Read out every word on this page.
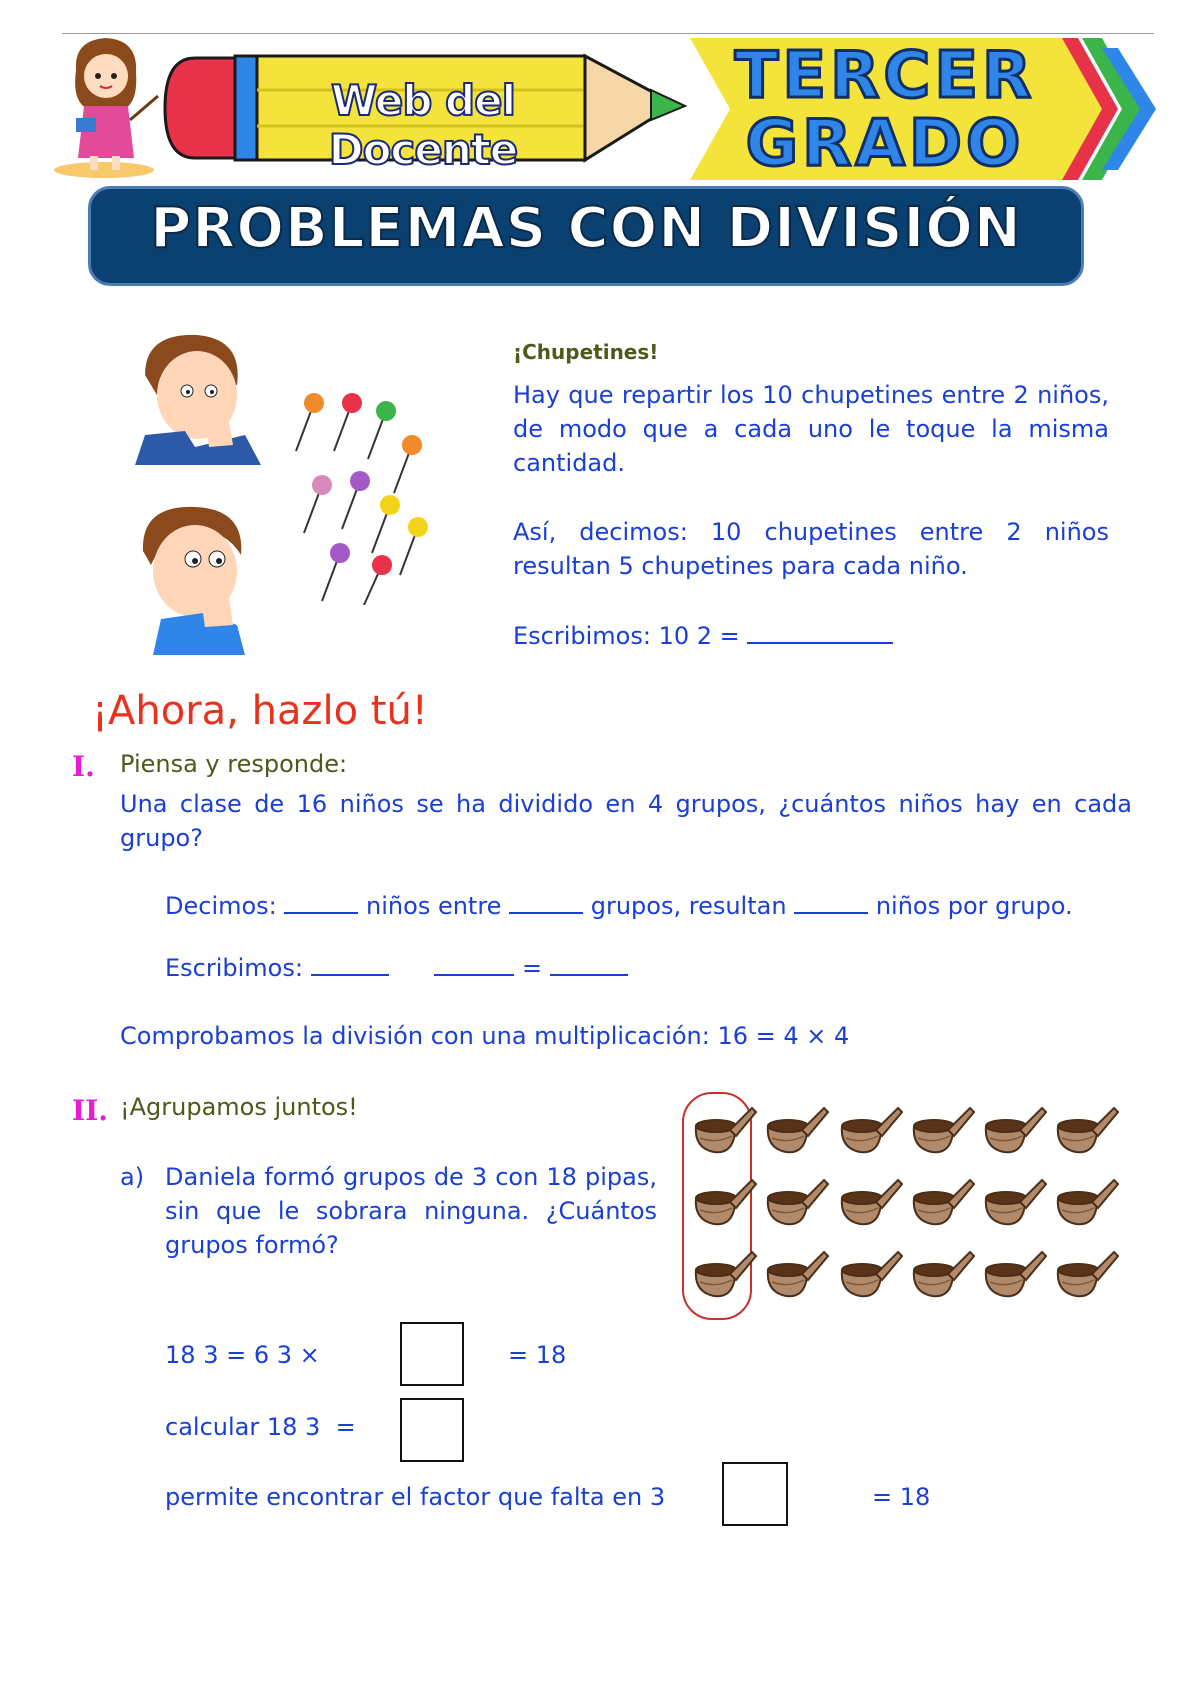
Web del Docente
TERCER
GRADO
PROBLEMAS CON DIVISIÓN
¡Chupetines!
Hay que repartir los 10 chupetines entre 2 niños, de modo que a cada uno le toque la misma cantidad.
Así, decimos: 10 chupetines entre 2 niños resultan 5 chupetines para cada niño.
Escribimos: 10 2 =
¡Ahora, hazlo tú!
I. Piensa y responde:
Una clase de 16 niños se ha dividido en 4 grupos, ¿cuántos niños hay en cada grupo?
Decimos:	niños entre	grupos, resultan	niños por grupo.
Escribimos:	=
Comprobamos la división con una multiplicación: 16 = 4 × 4
II. ¡Agrupamos juntos!
a) Daniela formó grupos de 3 con 18 pipas, sin que le sobrara ninguna. ¿Cuántos grupos formó?
18 3 = 6 3 ×	= 18
calcular 18 3 =
permite encontrar el factor que falta en 3	= 18
